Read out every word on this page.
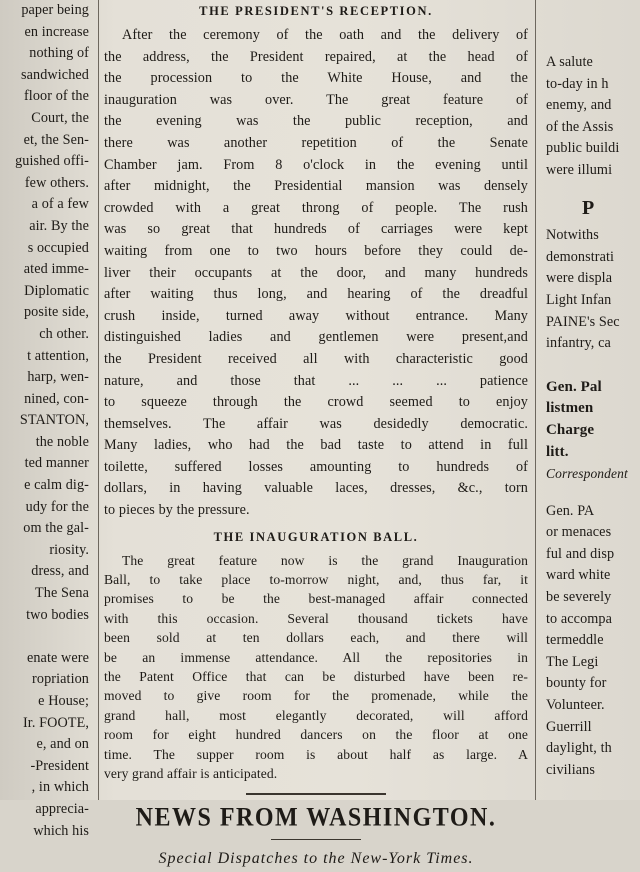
paper being
en increase
nothing of
sandwiched
floor of the
Court, the
et, the Sen-
guished offi-
few others.
a of a few
air. By the
s occupied
ated imme-
Diplomatic
posite side,
ch other.
t attention,
harp, wen-
nined, con-
STANTON,
the noble
ted manner
e calm dig-
udy for the
om the gal-
riosity.
dress, and
The Sena
two bodies
enate were
ropriation
e House;
Ir. FOOTE,
e, and on
-President
, in which
apprecia-
which his
THE PRESIDENT'S RECEPTION.
After the ceremony of the oath and the delivery of
the address, the President repaired, at the head of
the procession to the White House, and the
inauguration was over. The great feature of
the evening was the public reception, and
there was another repetition of the Senate
Chamber jam. From 8 o'clock in the evening until
after midnight, the Presidential mansion was densely
crowded with a great throng of people. The rush
was so great that hundreds of carriages were kept
waiting from one to two hours before they could de-
liver their occupants at the door, and many hundreds
after waiting thus long, and hearing of the dreadful
crush inside, turned away without entrance. Many
distinguished ladies and gentlemen were present,and
the President received all with characteristic good
nature, and those that ... ... ... patience
to squeeze through the crowd seemed to enjoy
themselves. The affair was desidedly democratic.
Many ladies, who had the bad taste to attend in full
toilette, suffered losses amounting to hundreds of
dollars, in having valuable laces, dresses, &c., torn
to pieces by the pressure.
THE INAUGURATION BALL.
The great feature now is the grand Inauguration
Ball, to take place to-morrow night, and, thus far, it
promises to be the best-managed affair connected
with this occasion. Several thousand tickets have
been sold at ten dollars each, and there will
be an immense attendance. All the repositories in
the Patent Office that can be disturbed have been re-
moved to give room for the promenade, while the
grand hall, most elegantly decorated, will afford
room for eight hundred dancers on the floor at one
time. The supper room is about half as large. A
very grand affair is anticipated.
NEWS FROM WASHINGTON.
Special Dispatches to the New-York Times.
A salute
to-day in h
enemy, and
of the Assis
public buildi
were illumi
P
Notwiths
demonstrati
were displa
Light Infan
PAINE's Sec
infantry, ca
Gen. Pal
listmen
Charge
litt.
Correspondent
Gen. PA
or menaces
ful and disp
ward white
be severely
to accompa
termeddle
The Legi
bounty for
Volunteer.
Guerrill
daylight, th
civilians
